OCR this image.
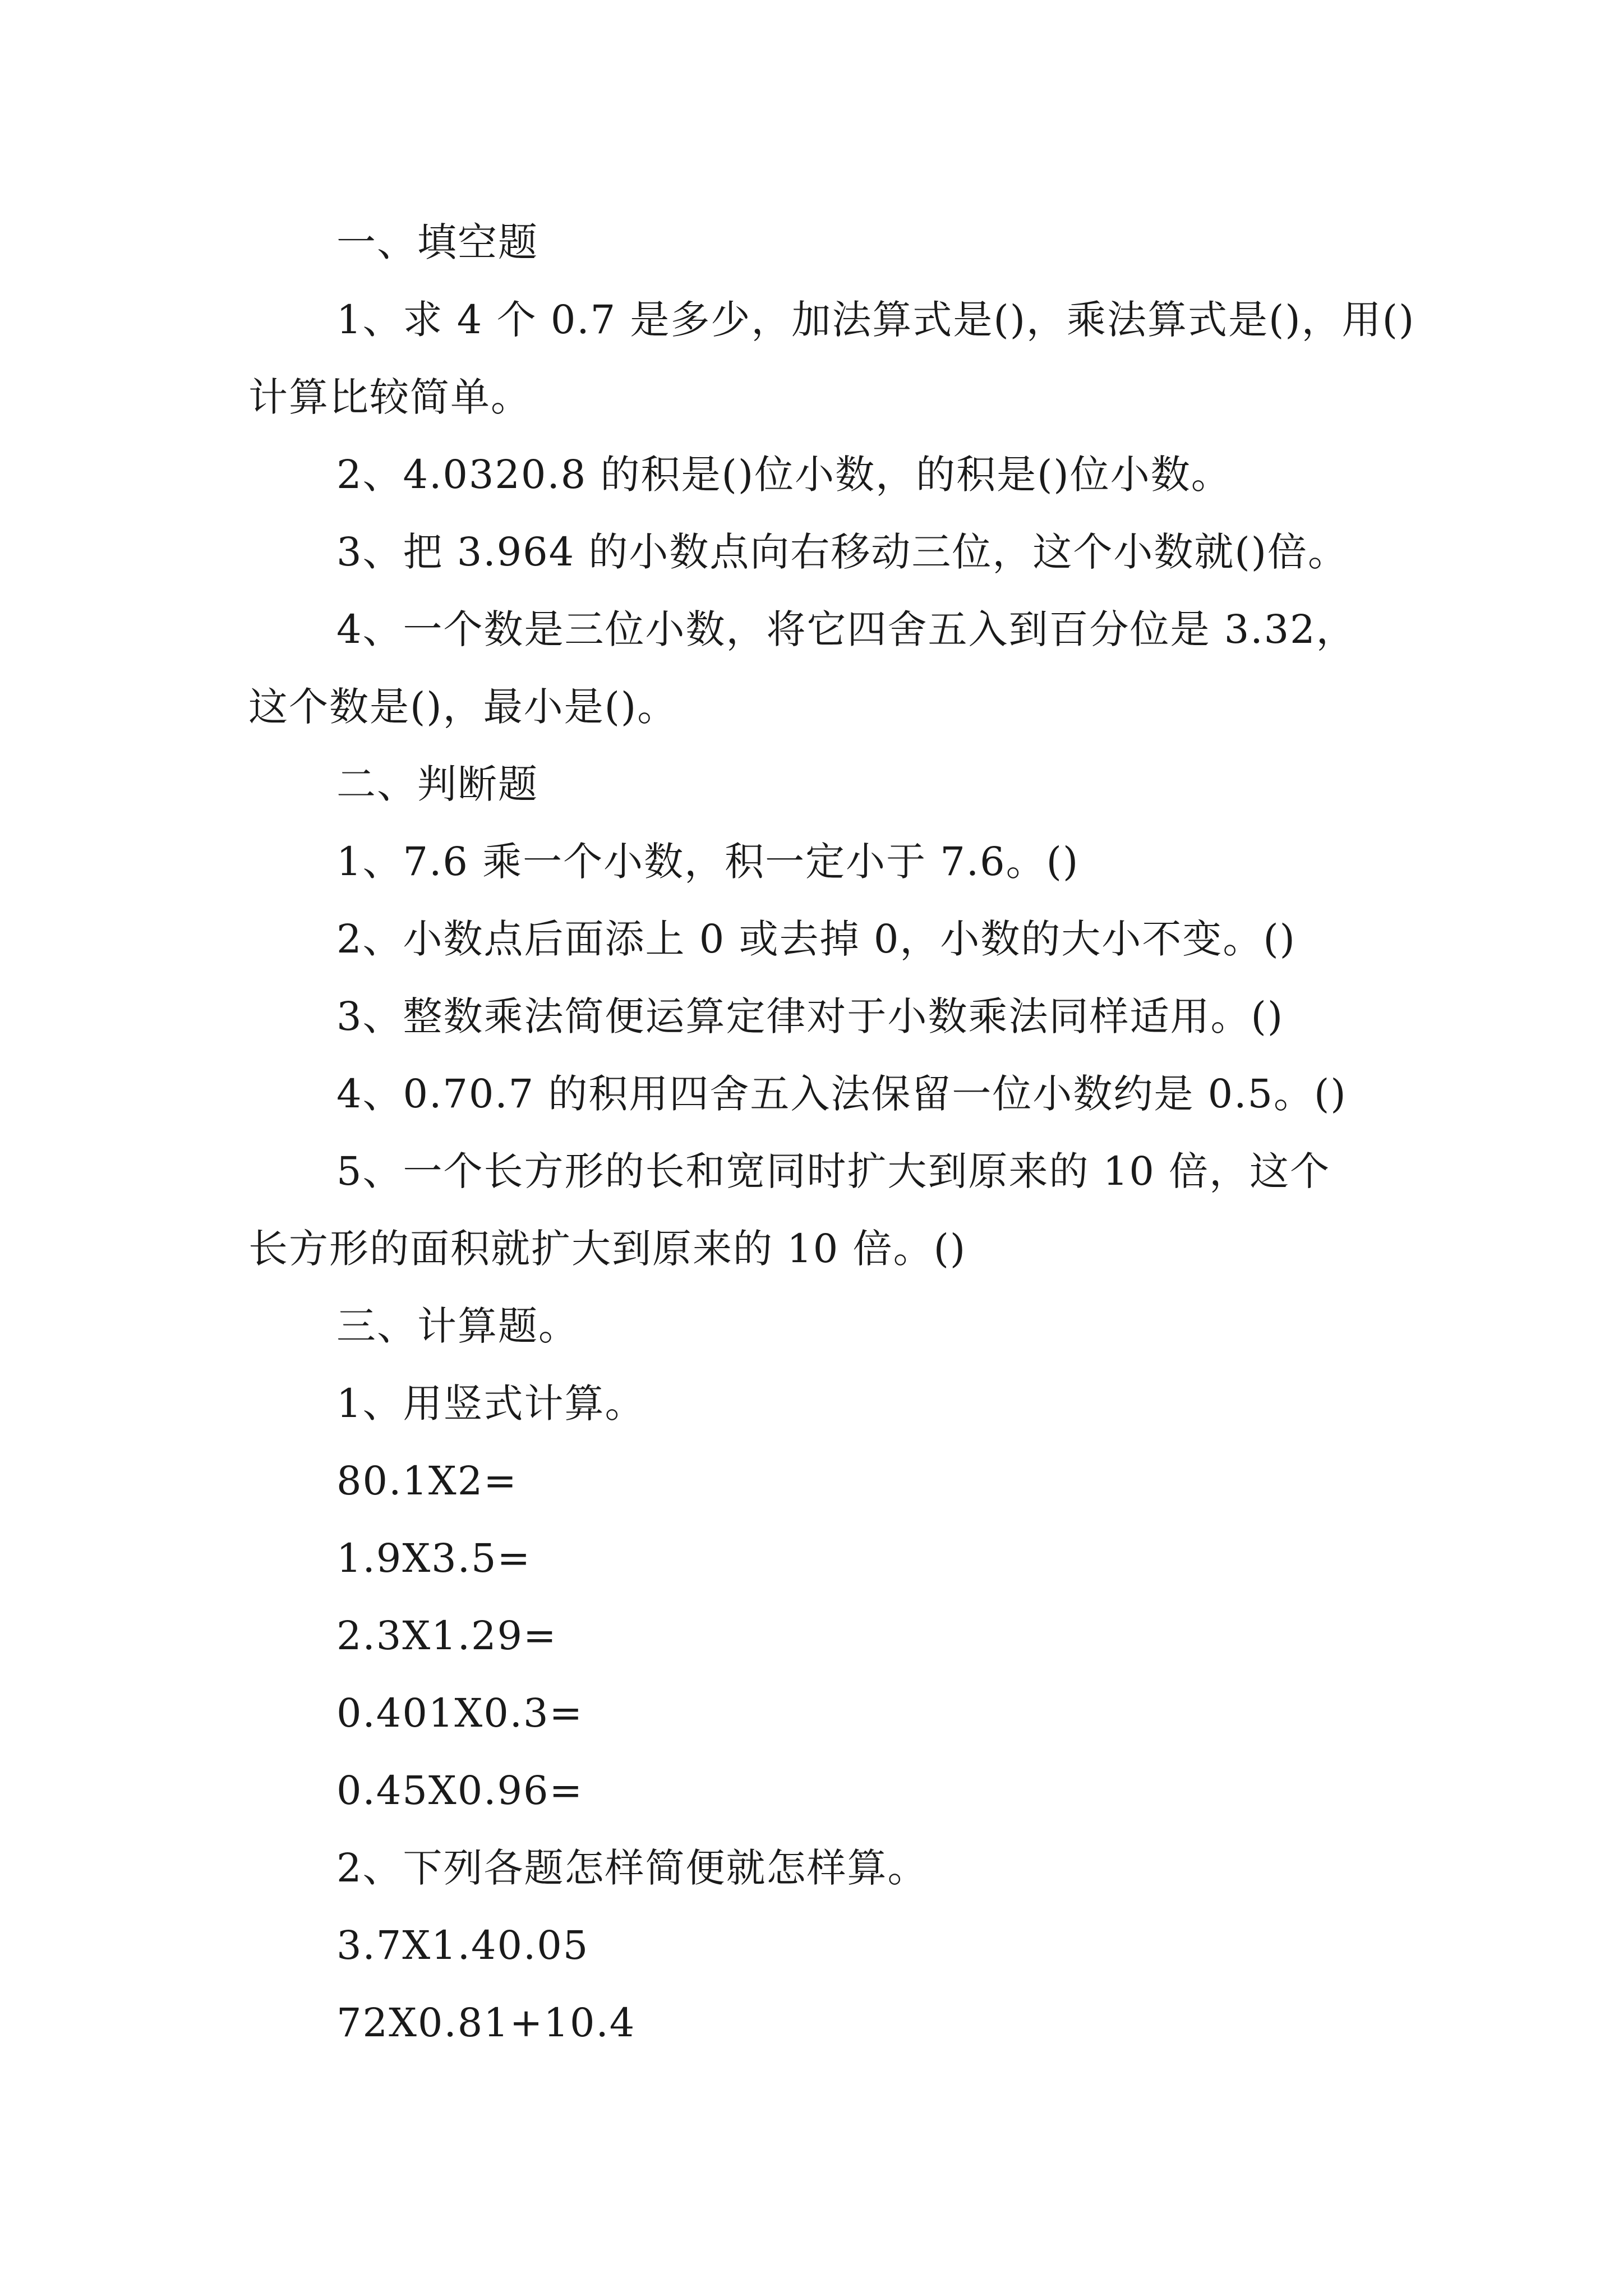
一、填空题
1、求 4 个 0.7 是多少，加法算式是()，乘法算式是()，用()
计算比较简单。
2、4.0320.8 的积是()位小数，的积是()位小数。
3、把 3.964 的小数点向右移动三位，这个小数就()倍。
4、一个数是三位小数，将它四舍五入到百分位是 3.32，
这个数是()，最小是()。
二、判断题
1、7.6 乘一个小数，积一定小于 7.6。()
2、小数点后面添上 0 或去掉 0，小数的大小不变。()
3、整数乘法简便运算定律对于小数乘法同样适用。()
4、0.70.7 的积用四舍五入法保留一位小数约是 0.5。()
5、一个长方形的长和宽同时扩大到原来的 10 倍，这个
长方形的面积就扩大到原来的 10 倍。()
三、计算题。
1、用竖式计算。
80.1X2=
1.9X3.5=
2.3X1.29=
0.401X0.3=
0.45X0.96=
2、下列各题怎样简便就怎样算。
3.7X1.40.05
72X0.81+10.4
